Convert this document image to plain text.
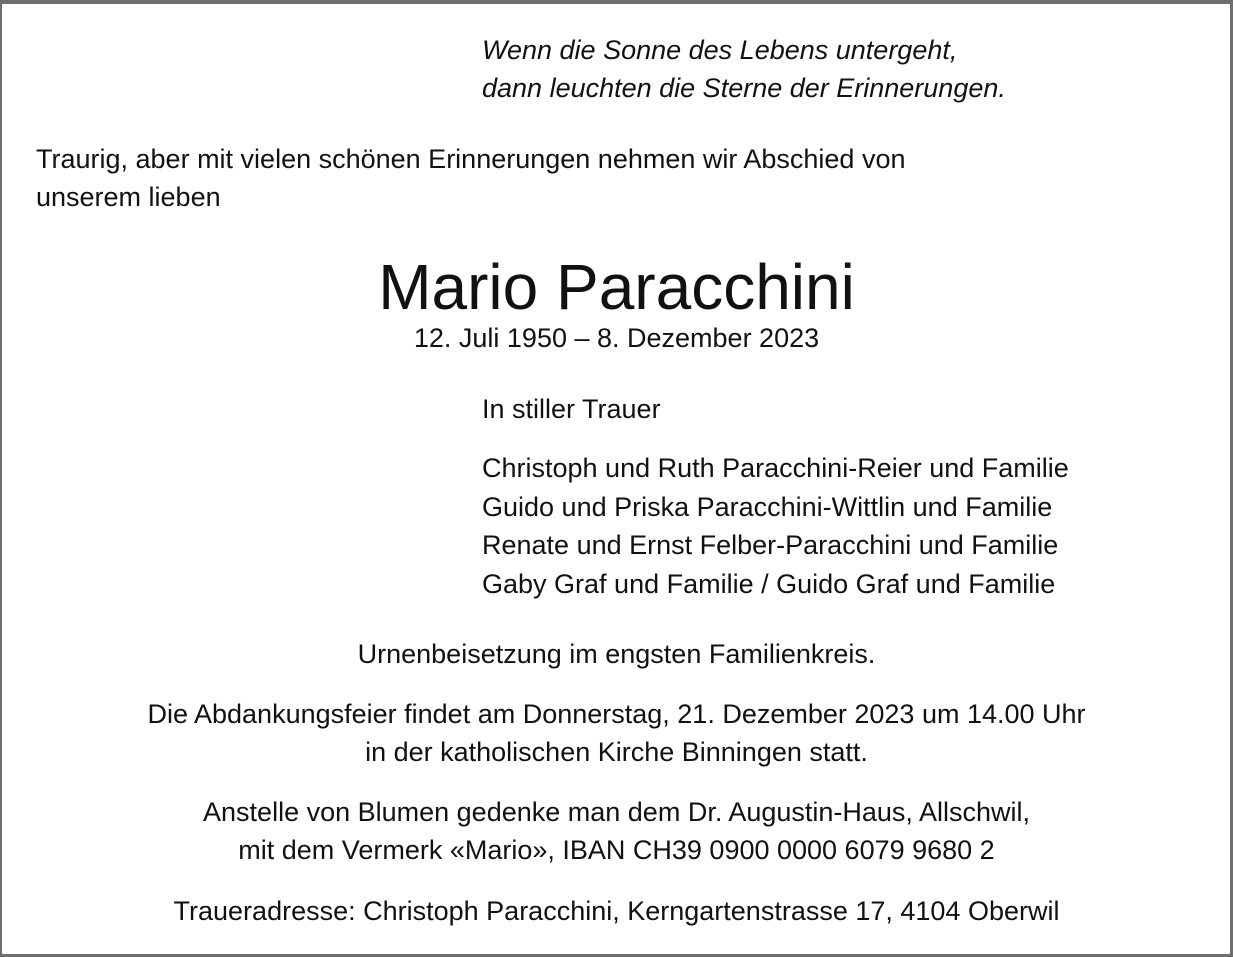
Wenn die Sonne des Lebens untergeht,
dann leuchten die Sterne der Erinnerungen.
Traurig, aber mit vielen schönen Erinnerungen nehmen wir Abschied von
unserem lieben
Mario Paracchini
12. Juli 1950 – 8. Dezember 2023
In stiller Trauer
Christoph und Ruth Paracchini-Reier und Familie
Guido und Priska Paracchini-Wittlin und Familie
Renate und Ernst Felber-Paracchini und Familie
Gaby Graf und Familie / Guido Graf und Familie
Urnenbeisetzung im engsten Familienkreis.
Die Abdankungsfeier findet am Donnerstag, 21. Dezember 2023 um 14.00 Uhr
in der katholischen Kirche Binningen statt.
Anstelle von Blumen gedenke man dem Dr. Augustin-Haus, Allschwil,
mit dem Vermerk «Mario», IBAN CH39 0900 0000 6079 9680 2
Traueradresse: Christoph Paracchini, Kerngartenstrasse 17, 4104 Oberwil
